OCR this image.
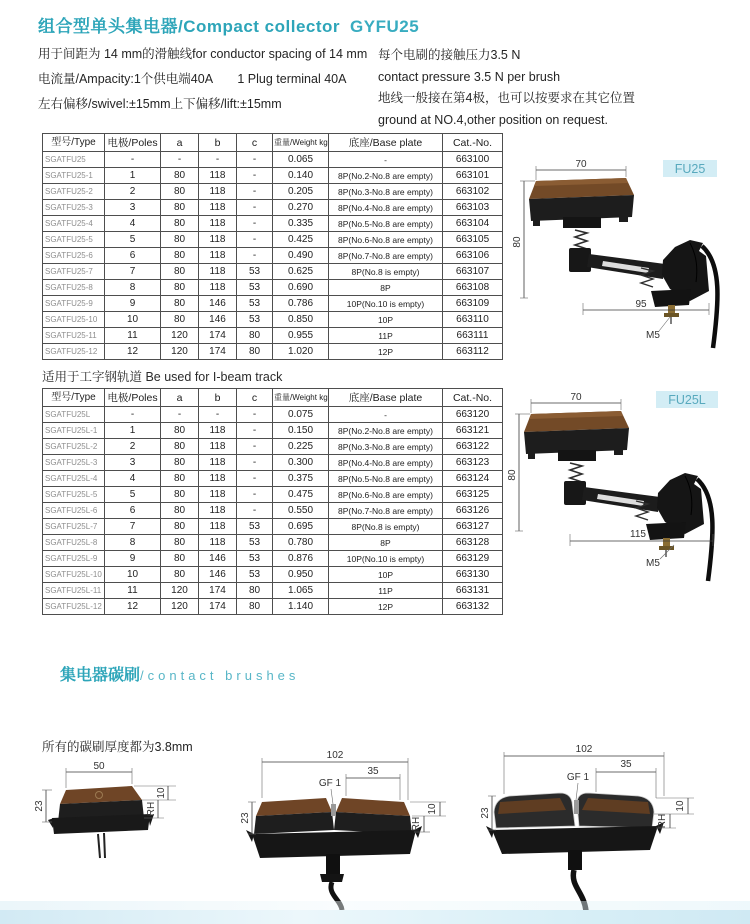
组合型单头集电器/Compact collector GYFU25
用于间距为 14 mm的滑触线for conductor spacing of 14 mm
电流量/Ampacity:1个供电端40A　　1 Plug terminal 40A
左右偏移/swivel:±15mm上下偏移/lift:±15mm
每个电刷的接触压力3.5 N
contact pressure 3.5 N per brush
地线一般接在第4极，也可以按要求在其它位置
ground at NO.4,other position on request.
型号/Type	电极/Poles	a	b	c	重量/Weight kg	底座/Base plate	Cat.-No.
SGATFU25	-	-	-	-	0.065	-	663100
SGATFU25-1	1	80	118	-	0.140	8P(No.2-No.8 are empty)	663101
SGATFU25-2	2	80	118	-	0.205	8P(No.3-No.8 are empty)	663102
SGATFU25-3	3	80	118	-	0.270	8P(No.4-No.8 are empty)	663103
SGATFU25-4	4	80	118	-	0.335	8P(No.5-No.8 are empty)	663104
SGATFU25-5	5	80	118	-	0.425	8P(No.6-No.8 are empty)	663105
SGATFU25-6	6	80	118	-	0.490	8P(No.7-No.8 are empty)	663106
SGATFU25-7	7	80	118	53	0.625	8P(No.8 is empty)	663107
SGATFU25-8	8	80	118	53	0.690	8P	663108
SGATFU25-9	9	80	146	53	0.786	10P(No.10 is empty)	663109
SGATFU25-10	10	80	146	53	0.850	10P	663110
SGATFU25-11	11	120	174	80	0.955	11P	663111
SGATFU25-12	12	120	174	80	1.020	12P	663112
适用于工字钢轨道 Be used for I-beam track
型号/Type	电极/Poles	a	b	c	重量/Weight kg	底座/Base plate	Cat.-No.
SGATFU25L	-	-	-	-	0.075	-	663120
SGATFU25L-1	1	80	118	-	0.150	8P(No.2-No.8 are empty)	663121
SGATFU25L-2	2	80	118	-	0.225	8P(No.3-No.8 are empty)	663122
SGATFU25L-3	3	80	118	-	0.300	8P(No.4-No.8 are empty)	663123
SGATFU25L-4	4	80	118	-	0.375	8P(No.5-No.8 are empty)	663124
SGATFU25L-5	5	80	118	-	0.475	8P(No.6-No.8 are empty)	663125
SGATFU25L-6	6	80	118	-	0.550	8P(No.7-No.8 are empty)	663126
SGATFU25L-7	7	80	118	53	0.695	8P(No.8 is empty)	663127
SGATFU25L-8	8	80	118	53	0.780	8P	663128
SGATFU25L-9	9	80	146	53	0.876	10P(No.10 is empty)	663129
SGATFU25L-10	10	80	146	53	0.950	10P	663130
SGATFU25L-11	11	120	174	80	1.065	11P	663131
SGATFU25L-12	12	120	174	80	1.140	12P	663132
FU25
70
80
95
M5
FU25L
70
80
115
M5
集电器碳刷/contact brushes
所有的碳刷厚度都为3.8mm
50
23
10
RH
102
GF 1
35
10
23	RH
102
GF 1
35
10
23
RH
